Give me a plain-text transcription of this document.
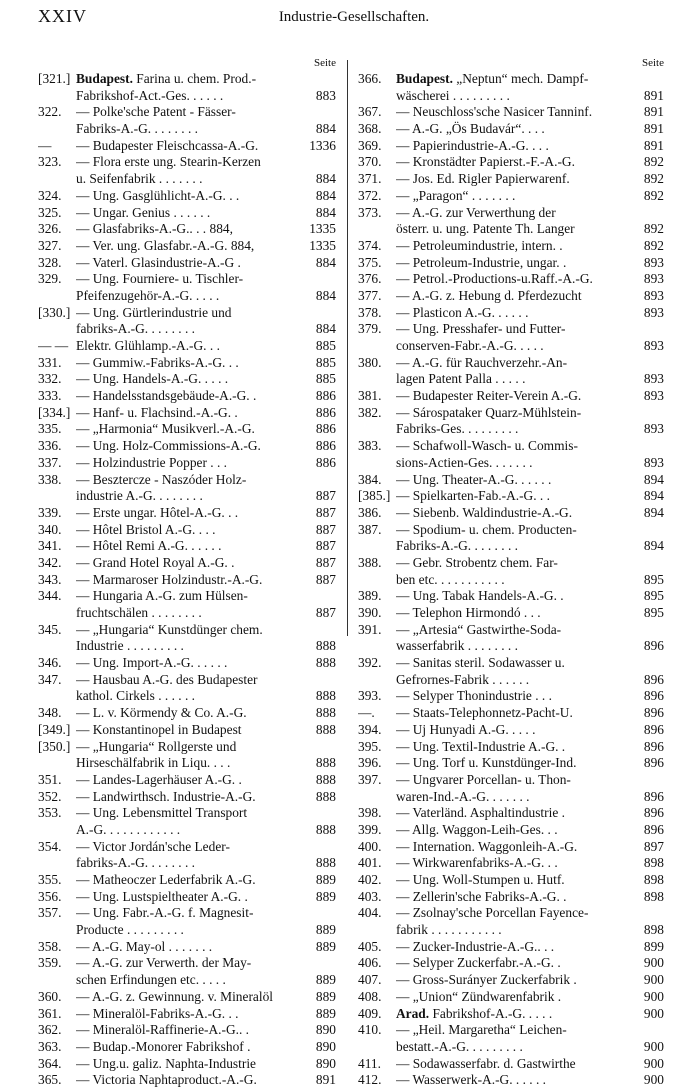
XXIV	Industrie-Gesellschaften.
Seite
[321.] Budapest. Farina u. chem. Prod.-
Fabrikshof-Act.-Ges. . . . . .	883
322.	— Polke'sche Patent - Fässer-
Fabriks-A.-G. . . . . . . .	884
—	— Budapester Fleischcassa-A.-G.	1336
323.	— Flora erste ung. Stearin-Kerzen
u. Seifenfabrik . . . . . . .	884
324.	— Ung. Gasglühlicht-A.-G. . .	884
325.	— Ungar. Genius . . . . . .	884
326.	— Glasfabriks-A.-G.. . . 884,	1335
327.	— Ver. ung. Glasfabr.-A.-G. 884,	1335
328.	— Vaterl. Glasindustrie-A.-G .	884
329.	— Ung. Fourniere- u. Tischler-
Pfeifenzugehör-A.-G. . . . .	884
[330.] — Ung. Gürtlerindustrie und
fabriks-A.-G. . . . . . . .	884
— — Elektr. Glühlamp.-A.-G. . .	885
331.	— Gummiw.-Fabriks-A.-G. . .	885
332.	— Ung. Handels-A.-G. . . . .	885
333.	— Handelsstandsgebäude-A.-G. .	886
[334.] — Hanf- u. Flachsind.-A.-G. .	886
335.	— „Harmonia“ Musikverl.-A.-G.	886
336.	— Ung. Holz-Commissions-A.-G.	886
337.	— Holzindustrie Popper . . .	886
338.	— Besztercze - Naszóder Holz-
industrie A.-G. . . . . . . .	887
339.	— Erste ungar. Hôtel-A.-G. . .	887
340.	— Hôtel Bristol A.-G. . . .	887
341.	— Hôtel Remi A.-G. . . . . .	887
342.	— Grand Hotel Royal A.-G. .	887
343.	— Marmaroser Holzindustr.-A.-G.	887
344.	— Hungaria A.-G. zum Hülsen-
fruchtschälen . . . . . . . .	887
345.	— „Hungaria“ Kunstdünger chem.
Industrie . . . . . . . . .	888
346.	— Ung. Import-A.-G. . . . . .	888
347.	— Hausbau A.-G. des Budapester
kathol. Cirkels . . . . . .	888
348.	— L. v. Körmendy & Co. A.-G.	888
[349.] — Konstantinopel in Budapest	888
[350.] — „Hungaria“ Rollgerste und
Hirseschälfabrik in Liqu. . . .	888
351.	— Landes-Lagerhäuser A.-G. .	888
352.	— Landwirthsch. Industrie-A.-G.	888
353.	— Ung. Lebensmittel Transport
A.-G. . . . . . . . . . . .	888
354.	— Victor Jordán'sche Leder-
fabriks-A.-G. . . . . . . .	888
355.	— Matheoczer Lederfabrik A.-G.	889
356.	— Ung. Lustspieltheater A.-G. .	889
357.	— Ung. Fabr.-A.-G. f. Magnesit-
Producte . . . . . . . . .	889
358.	— A.-G. May-ol . . . . . . .	889
359.	— A.-G. zur Verwerth. der May-
schen Erfindungen etc. . . . .	889
360.	— A.-G. z. Gewinnung. v. Mineralöl	889
361.	— Mineralöl-Fabriks-A.-G. . .	889
362.	— Mineralöl-Raffinerie-A.-G.. .	890
363.	— Budap.-Monorer Fabrikshof .	890
364.	— Ung.u. galiz. Naphta-Industrie	890
365.	— Victoria Naphtaproduct.-A.-G.	891
Seite
366.	Budapest. „Neptun“ mech. Dampf-
wäscherei . . . . . . . . .	891
367.	— Neuschloss'sche Nasicer Tanninf.	891
368.	— A.-G. „Ös Budavár“. . . .	891
369.	— Papierindustrie-A.-G. . . .	891
370.	— Kronstädter Papierst.-F.-A.-G.	892
371.	— Jos. Ed. Rigler Papierwarenf.	892
372.	— „Paragon“ . . . . . . .	892
373.	— A.-G. zur Verwerthung der
österr. u. ung. Patente Th. Langer	892
374.	— Petroleumindustrie, intern. .	892
375.	— Petroleum-Industrie, ungar. .	893
376.	— Petrol.-Productions-u.Raff.-A.-G.	893
377.	— A.-G. z. Hebung d. Pferdezucht	893
378.	— Plasticon A.-G. . . . . .	893
379.	— Ung. Presshafer- und Futter-
conserven-Fabr.-A.-G. . . . .	893
380.	— A.-G. für Rauchverzehr.-An-
lagen Patent Palla . . . . .	893
381.	— Budapester Reiter-Verein A.-G.	893
382.	— Sárospataker Quarz-Mühlstein-
Fabriks-Ges. . . . . . . . .	893
383.	— Schafwoll-Wasch- u. Commis-
sions-Actien-Ges. . . . . . .	893
384.	— Ung. Theater-A.-G. . . . . .	894
[385.] — Spielkarten-Fab.-A.-G. . .	894
386.	— Siebenb. Waldindustrie-A.-G.	894
387.	— Spodium- u. chem. Producten-
Fabriks-A.-G. . . . . . . .	894
388.	— Gebr. Strobentz chem. Far-
ben etc. . . . . . . . . . .	895
389.	— Ung. Tabak Handels-A.-G. .	895
390.	— Telephon Hirmondó . . .	895
391.	— „Artesia“ Gastwirthe-Soda-
wasserfabrik . . . . . . . .	896
392.	— Sanitas steril. Sodawasser u.
Gefrornes-Fabrik . . . . . .	896
393.	— Selyper Thonindustrie . . .	896
—.	— Staats-Telephonnetz-Pacht-U.	896
394.	— Uj Hunyadi A.-G. . . . .	896
395.	— Ung. Textil-Industrie A.-G. .	896
396.	— Ung. Torf u. Kunstdünger-Ind.	896
397.	— Ungvarer Porcellan- u. Thon-
waren-Ind.-A.-G. . . . . . .	896
398.	— Vaterländ. Asphaltindustrie .	896
399.	— Allg. Waggon-Leih-Ges. . .	896
400.	— Internation. Waggonleih-A.-G.	897
401.	— Wirkwarenfabriks-A.-G. . .	898
402.	— Ung. Woll-Stumpen u. Hutf.	898
403.	— Zellerin'sche Fabriks-A.-G. .	898
404.	— Zsolnay'sche Porcellan Fayence-
fabrik . . . . . . . . . . .	898
405.	— Zucker-Industrie-A.-G.. . .	899
406.	— Selyper Zuckerfabr.-A.-G. .	900
407.	— Gross-Surányer Zuckerfabrik .	900
408.	— „Union“ Zündwarenfabrik .	900
409.	Arad. Fabrikshof-A.-G. . . . .	900
410.	— „Heil. Margaretha“ Leichen-
bestatt.-A.-G. . . . . . . . .	900
411.	— Sodawasserfabr. d. Gastwirthe	900
412.	— Wasserwerk-A.-G. . . . . .	900
